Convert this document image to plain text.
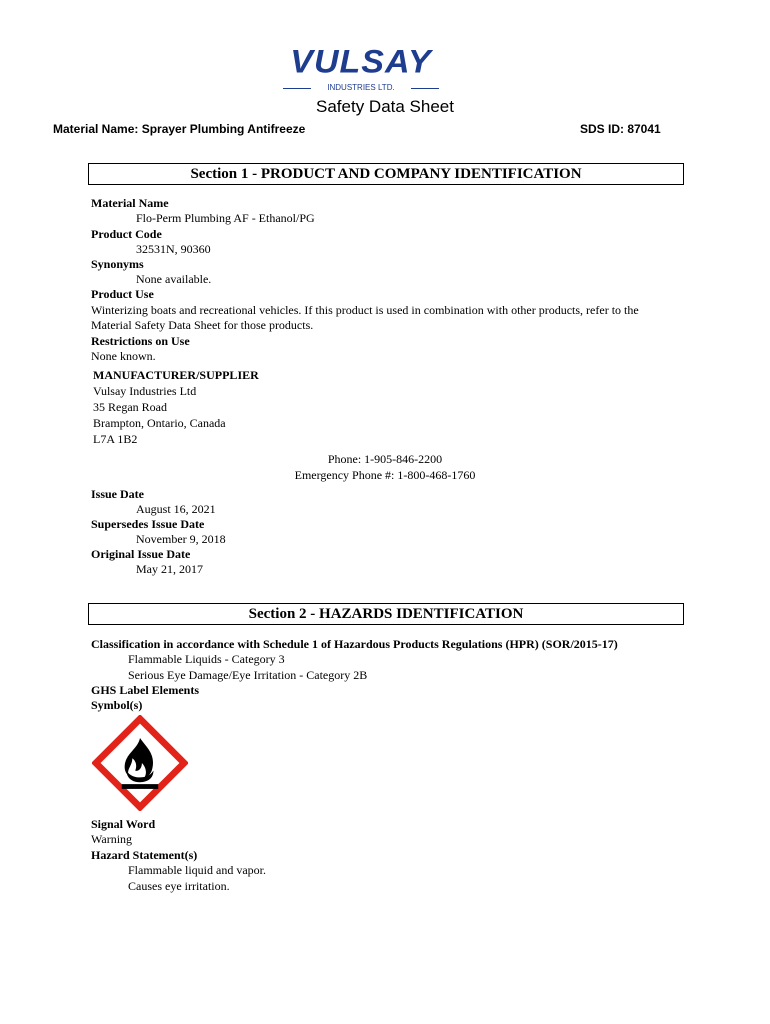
VULSAY
INDUSTRIES LTD.
Safety Data Sheet
Material Name: Sprayer Plumbing Antifreeze	SDS ID: 87041
Section 1 - PRODUCT AND COMPANY IDENTIFICATION
Material Name
Flo-Perm Plumbing AF - Ethanol/PG
Product Code
32531N, 90360
Synonyms
None available.
Product Use
Winterizing boats and recreational vehicles. If this product is used in combination with other products, refer to the
Material Safety Data Sheet for those products.
Restrictions on Use
None known.
MANUFACTURER/SUPPLIER
Vulsay Industries Ltd
35 Regan Road
Brampton, Ontario, Canada
L7A 1B2
Phone: 1-905-846-2200
Emergency Phone #: 1-800-468-1760
Issue Date
August 16, 2021
Supersedes Issue Date
November 9, 2018
Original Issue Date
May 21, 2017
Section 2 - HAZARDS IDENTIFICATION
Classification in accordance with Schedule 1 of Hazardous Products Regulations (HPR) (SOR/2015-17)
Flammable Liquids - Category 3
Serious Eye Damage/Eye Irritation - Category 2B
GHS Label Elements
Symbol(s)
Signal Word
Warning
Hazard Statement(s)
Flammable liquid and vapor.
Causes eye irritation.
